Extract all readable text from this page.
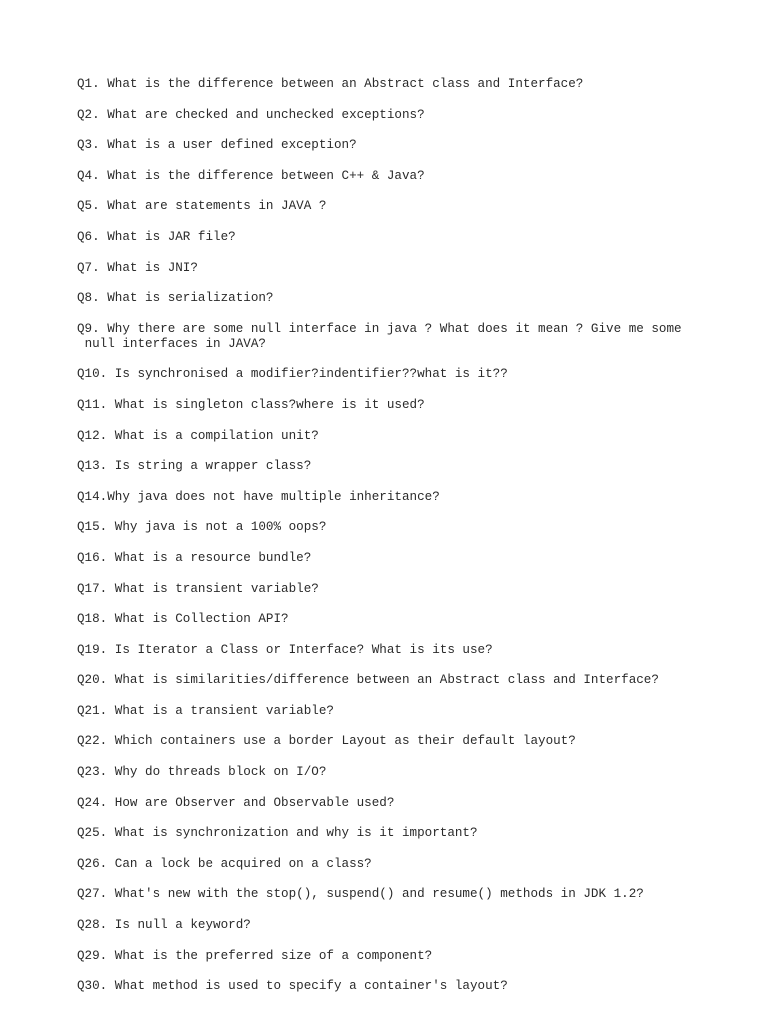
Q1. What is the difference between an Abstract class and Interface?
Q2. What are checked and unchecked exceptions?
Q3. What is a user defined exception?
Q4. What is the difference between C++ & Java?
Q5. What are statements in JAVA ?
Q6. What is JAR file?
Q7. What is JNI?
Q8. What is serialization?
Q9. Why there are some null interface in java ? What does it mean ? Give me some
null interfaces in JAVA?
Q10. Is synchronised a modifier?indentifier??what is it??
Q11. What is singleton class?where is it used?
Q12. What is a compilation unit?
Q13. Is string a wrapper class?
Q14.Why java does not have multiple inheritance?
Q15. Why java is not a 100% oops?
Q16. What is a resource bundle?
Q17. What is transient variable?
Q18. What is Collection API?
Q19. Is Iterator a Class or Interface? What is its use?
Q20. What is similarities/difference between an Abstract class and Interface?
Q21. What is a transient variable?
Q22. Which containers use a border Layout as their default layout?
Q23. Why do threads block on I/O?
Q24. How are Observer and Observable used?
Q25. What is synchronization and why is it important?
Q26. Can a lock be acquired on a class?
Q27. What's new with the stop(), suspend() and resume() methods in JDK 1.2?
Q28. Is null a keyword?
Q29. What is the preferred size of a component?
Q30. What method is used to specify a container's layout?
